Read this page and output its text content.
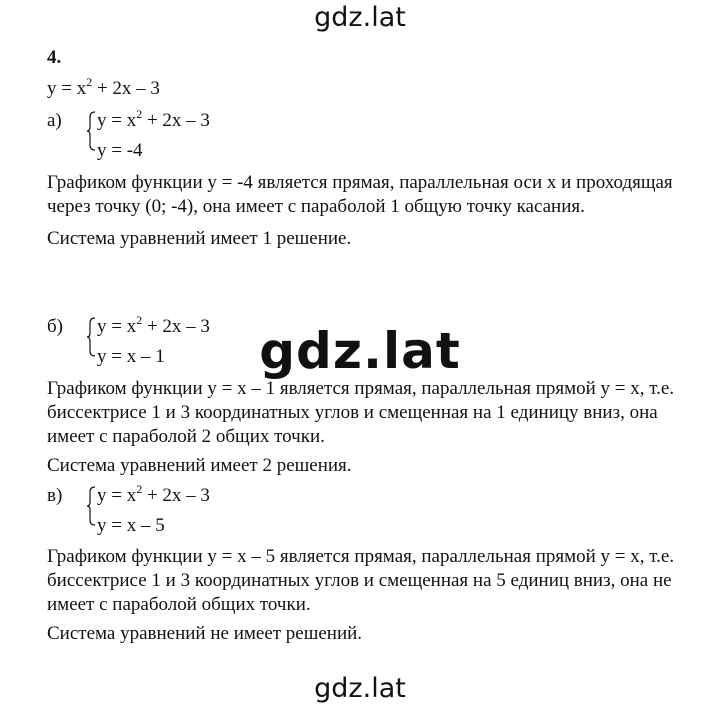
gdz.lat
4.
$y = x^2 + 2x - 3$
а) $y = x^2 + 2x - 3$
y = -4
Графиком функции y = -4 является прямая, параллельная оси x и проходящая
через точку (0; -4), она имеет с параболой 1 общую точку касания.
Система уравнений имеет 1 решение.
б) $y = x^2 + 2x - 3$
y = x – 1
Графиком функции y = x – 1 является прямая, параллельная прямой y = x, т.е.
биссектрисе 1 и 3 координатных углов и смещенная на 1 единицу вниз, она
имеет с параболой 2 общих точки.
Система уравнений имеет 2 решения.
в) $y = x^2 + 2x - 3$
y = x – 5
Графиком функции y = x – 5 является прямая, параллельная прямой y = x, т.е.
биссектрисе 1 и 3 координатных углов и смещенная на 5 единиц вниз, она не
имеет с параболой общих точки.
Система уравнений не имеет решений.
gdz.lat
gdz.lat
